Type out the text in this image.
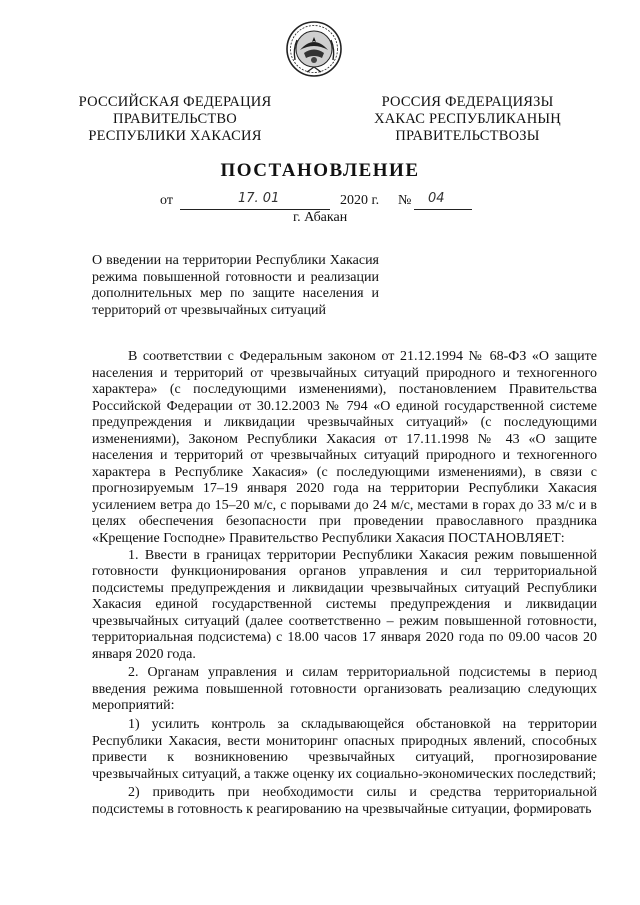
РОССИЙСКАЯ ФЕДЕРАЦИЯ
ПРАВИТЕЛЬСТВО
РЕСПУБЛИКИ ХАКАСИЯ
РОССИЯ ФЕДЕРАЦИЯЗЫ
ХАКАС РЕСПУБЛИКАНЫҢ
ПРАВИТЕЛЬСТВОЗЫ
ПОСТАНОВЛЕНИЕ
от	17. 01	2020 г. № 04
г. Абакан
О введении на территории Республики Хакасия режима повышенной готовности и реализации дополнительных мер по защите населения и территорий от чрезвычайных ситуаций

В соответствии с Федеральным законом от 21.12.1994 № 68-ФЗ «О защите населения и территорий от чрезвычайных ситуаций природного и техногенного характера» (с последующими изменениями), постановлением Правительства Российской Федерации от 30.12.2003 № 794 «О единой государственной системе предупреждения и ликвидации чрезвычайных ситуаций» (с последующими изменениями), Законом Республики Хакасия от 17.11.1998 № 43 «О защите населения и территорий от чрезвычайных ситуаций природного и техногенного характера в Республике Хакасия» (с последующими изменениями), в связи с прогнозируемым 17–19 января 2020 года на территории Республики Хакасия усилением ветра до 15–20 м/с, с порывами до 24 м/с, местами в горах до 33 м/с и в целях обеспечения безопасности при проведении православного праздника «Крещение Господне» Правительство Республики Хакасия ПОСТАНОВЛЯЕТ:

1. Ввести в границах территории Республики Хакасия режим повышенной готовности функционирования органов управления и сил территориальной подсистемы предупреждения и ликвидации чрезвычайных ситуаций Республики Хакасия единой государственной системы предупреждения и ликвидации чрезвычайных ситуаций (далее соответственно – режим повышенной готовности, территориальная подсистема) с 18.00 часов 17 января 2020 года по 09.00 часов 20 января 2020 года.

2. Органам управления и силам территориальной подсистемы в период введения режима повышенной готовности организовать реализацию следующих мероприятий:

1) усилить контроль за складывающейся обстановкой на территории Республики Хакасия, вести мониторинг опасных природных явлений, способных привести к возникновению чрезвычайных ситуаций, прогнозирование чрезвычайных ситуаций, а также оценку их социально-экономических последствий;

2) приводить при необходимости силы и средства территориальной подсистемы в готовность к реагированию на чрезвычайные ситуации, формировать
